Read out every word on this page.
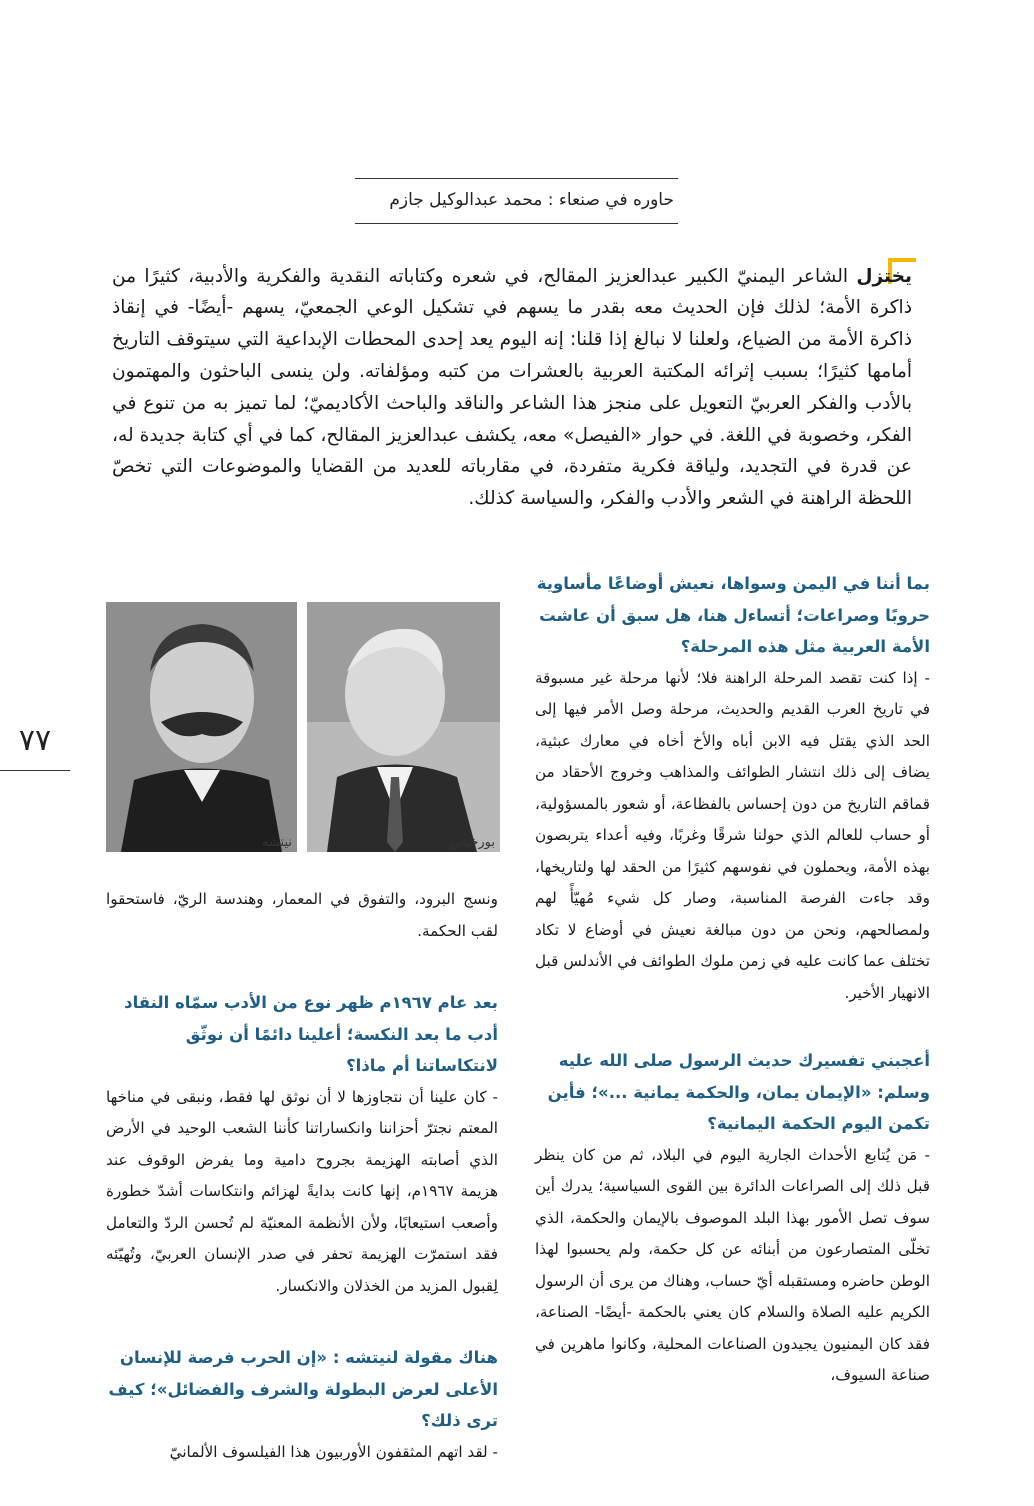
حاوره في صنعاء : محمد عبدالوكيل جازم

يختزل الشاعر اليمنيّ الكبير عبدالعزيز المقالح، في شعره وكتاباته النقدية والفكرية والأدبية، كثيرًا من ذاكرة الأمة؛ لذلك فإن الحديث معه بقدر ما يسهم في تشكيل الوعي الجمعيّ، يسهم -أيضًا- في إنقاذ ذاكرة الأمة من الضياع، ولعلنا لا نبالغ إذا قلنا: إنه اليوم يعد إحدى المحطات الإبداعية التي سيتوقف التاريخ أمامها كثيرًا؛ بسبب إثرائه المكتبة العربية بالعشرات من كتبه ومؤلفاته. ولن ينسى الباحثون والمهتمون بالأدب والفكر العربيّ التعويل على منجز هذا الشاعر والناقد والباحث الأكاديميّ؛ لما تميز به من تنوع في الفكر، وخصوبة في اللغة. في حوار «الفيصل» معه، يكشف عبدالعزيز المقالح، كما في أي كتابة جديدة له، عن قدرة في التجديد، ولياقة فكرية متفردة، في مقارباته للعديد من القضايا والموضوعات التي تخصّ اللحظة الراهنة في الشعر والأدب والفكر، والسياسة كذلك.

٧٧
بورخيس
نيتشه

بما أننا في اليمن وسواها، نعيش أوضاعًا مأساوية حروبًا وصراعات؛ أتساءل هنا، هل سبق أن عاشت الأمة العربية مثل هذه المرحلة؟

- إذا كنت تقصد المرحلة الراهنة فلا؛ لأنها مرحلة غير مسبوقة في تاريخ العرب القديم والحديث، مرحلة وصل الأمر فيها إلى الحد الذي يقتل فيه الابن أباه والأخ أخاه في معارك عبثية، يضاف إلى ذلك انتشار الطوائف والمذاهب وخروج الأحقاد من قماقم التاريخ من دون إحساس بالفظاعة، أو شعور بالمسؤولية، أو حساب للعالم الذي حولنا شرقًا وغربًا، وفيه أعداء يتربصون بهذه الأمة، ويحملون في نفوسهم كثيرًا من الحقد لها ولتاريخها، وقد جاءت الفرصة المناسبة، وصار كل شيء مُهيّأً لهم ولمصالحهم، ونحن من دون مبالغة نعيش في أوضاع لا تكاد تختلف عما كانت عليه في زمن ملوك الطوائف في الأندلس قبل الانهيار الأخير.

أعجبني تفسيرك حديث الرسول صلى الله عليه وسلم: «الإيمان يمان، والحكمة يمانية ...»؛ فأين تكمن اليوم الحكمة اليمانية؟

- مَن يُتابع الأحداث الجارية اليوم في البلاد، ثم من كان ينظر قبل ذلك إلى الصراعات الدائرة بين القوى السياسية؛ يدرك أين سوف تصل الأمور بهذا البلد الموصوف بالإيمان والحكمة، الذي تخلّى المتصارعون من أبنائه عن كل حكمة، ولم يحسبوا لهذا الوطن حاضره ومستقبله أيّ حساب، وهناك من يرى أن الرسول الكريم عليه الصلاة والسلام كان يعني بالحكمة -أيضًا- الصناعة، فقد كان اليمنيون يجيدون الصناعات المحلية، وكانوا ماهرين في صناعة السيوف،

ونسج البرود، والتفوق في المعمار، وهندسة الريّ، فاستحقوا لقب الحكمة.

بعد عام ١٩٦٧م ظهر نوع من الأدب سمّاه النقاد أدب ما بعد النكسة؛ أعلينا دائمًا أن نوثّق لانتكاساتنا أم ماذا؟

- كان علينا أن نتجاوزها لا أن نوثق لها فقط، ونبقى في مناخها المعتم نجترّ أحزاننا وانكساراتنا كأننا الشعب الوحيد في الأرض الذي أصابته الهزيمة بجروح دامية وما يفرض الوقوف عند هزيمة ١٩٦٧م، إنها كانت بدايةً لهزائم وانتكاسات أشدّ خطورة وأصعب استيعابًا، ولأن الأنظمة المعنيّة لم تُحسن الردّ والتعامل فقد استمرّت الهزيمة تحفر في صدر الإنسان العربيّ، وتُهيّئه لِقبول المزيد من الخذلان والانكسار.

هناك مقولة لنيتشه : «إن الحرب فرصة للإنسان الأعلى لعرض البطولة والشرف والفضائل»؛ كيف ترى ذلك؟

- لقد اتهم المثقفون الأوربيون هذا الفيلسوف الألمانيّ
